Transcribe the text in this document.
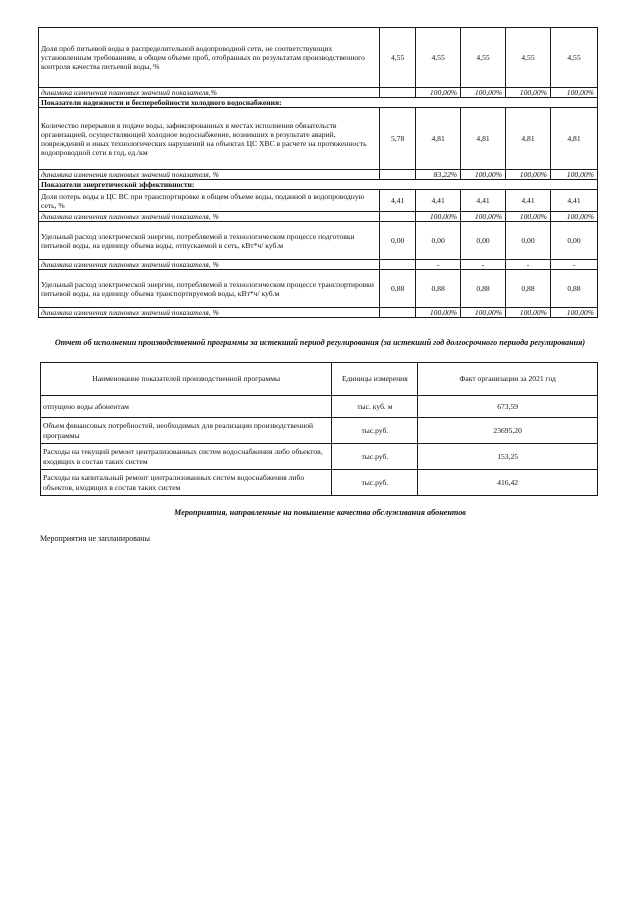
Доля проб питьевой воды в распределительной водопроводной сети, не соответствующих установленным требованиям, в общем объеме проб, отобранных по результатам производственного контроля качества питьевой воды, %	4,55	4,55	4,55	4,55	4,55
динамика изменения плановых значений показателя,%		100,00%	100,00%	100,00%	100,00%
Показатели надежности и бесперебойности холодного водоснабжения:					
Количество перерывов в подаче воды, зафиксированных в местах исполнения обязательств организацией, осуществляющей холодное водоснабжение, возникших в результате аварий, повреждений и иных технологических нарушений на объектах ЦС ХВС в расчете на протяженность водопроводной сети в год, ед./км	5,78	4,81	4,81	4,81	4,81
динамика изменения плановых значений показателя, %		83,22%	100,00%	100,00%	100,00%
Показатели энергетической эффективности:					
Доля потерь воды в ЦС ВС при транспортировке в общем объеме воды, поданной в водопроводную сеть, %	4,41	4,41	4,41	4,41	4,41
динамика изменения плановых значений показателя, %		100,00%	100,00%	100,00%	100,00%
Удельный расход электрической энергии, потребляемой в технологическом процессе подготовки питьевой воды, на единицу объема воды, отпускаемой в сеть, кВт*ч/ куб.м	0,00	0,00	0,00	0,00	0,00
динамика изменения плановых значений показателя, %		-	-	-	-
Удельный расход электрической энергии, потребляемой в технологическом процессе транспортировки питьевой воды, на единицу объема транспортируемой воды, кВт*ч/ куб.м	0,88	0,88	0,88	0,88	0,88
динамика изменения плановых значений показателя, %		100,00%	100,00%	100,00%	100,00%
Отчет об исполнении производственной программы за истекший период регулирования (за истекший год долгосрочного периода регулирования)
Наименование показателей производственной программы	Единицы измерения	Факт организации за 2021 год
отпущено воды абонентам	тыс. куб. м	673,59
Объем финансовых потребностей, необходимых для реализации производственной программы	тыс.руб.	23695,20
Расходы на текущий ремонт централизованных систем водоснабжения либо объектов, входящих в состав таких систем	тыс.руб.	153,25
Расходы на капитальный ремонт централизованных систем водоснабжения либо объектов, входящих в состав таких систем	тыс.руб.	416,42
Мероприятия, направленные на повышение качества обслуживания абонентов
Мероприятия не запланированы
